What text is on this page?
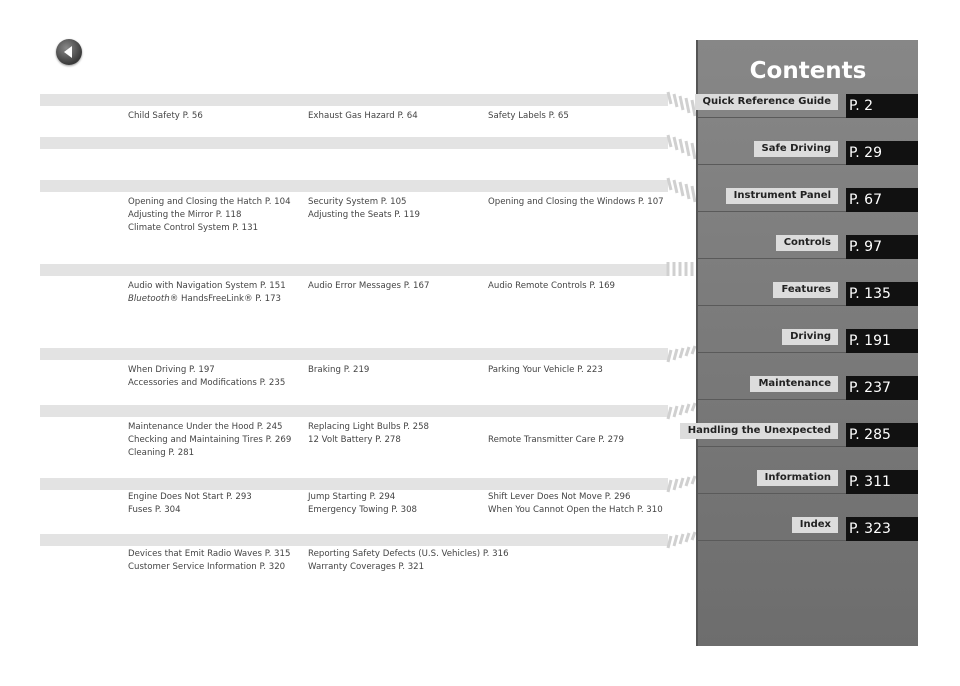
Child Safety P. 56	Exhaust Gas Hazard P. 64	Safety Labels P. 65
Opening and Closing the Hatch P. 104	Security System P. 105	Opening and Closing the Windows P. 107
Adjusting the Mirror P. 118	Adjusting the Seats P. 119
Climate Control System P. 131
Audio with Navigation System P. 151	Audio Error Messages P. 167	Audio Remote Controls P. 169
Bluetooth® HandsFreeLink® P. 173
When Driving P. 197	Braking P. 219	Parking Your Vehicle P. 223
Accessories and Modifications P. 235
Maintenance Under the Hood P. 245	Replacing Light Bulbs P. 258
Checking and Maintaining Tires P. 269	12 Volt Battery P. 278	Remote Transmitter Care P. 279
Cleaning P. 281
Engine Does Not Start P. 293	Jump Starting P. 294	Shift Lever Does Not Move P. 296
Fuses P. 304	Emergency Towing P. 308	When You Cannot Open the Hatch P. 310
Devices that Emit Radio Waves P. 315	Reporting Safety Defects (U.S. Vehicles) P. 316
Customer Service Information P. 320	Warranty Coverages P. 321
Contents
Quick Reference Guide	P. 2
Safe Driving	P. 29
Instrument Panel	P. 67
Controls	P. 97
Features	P. 135
Driving	P. 191
Maintenance	P. 237
Handling the Unexpected	P. 285
Information	P. 311
Index	P. 323
